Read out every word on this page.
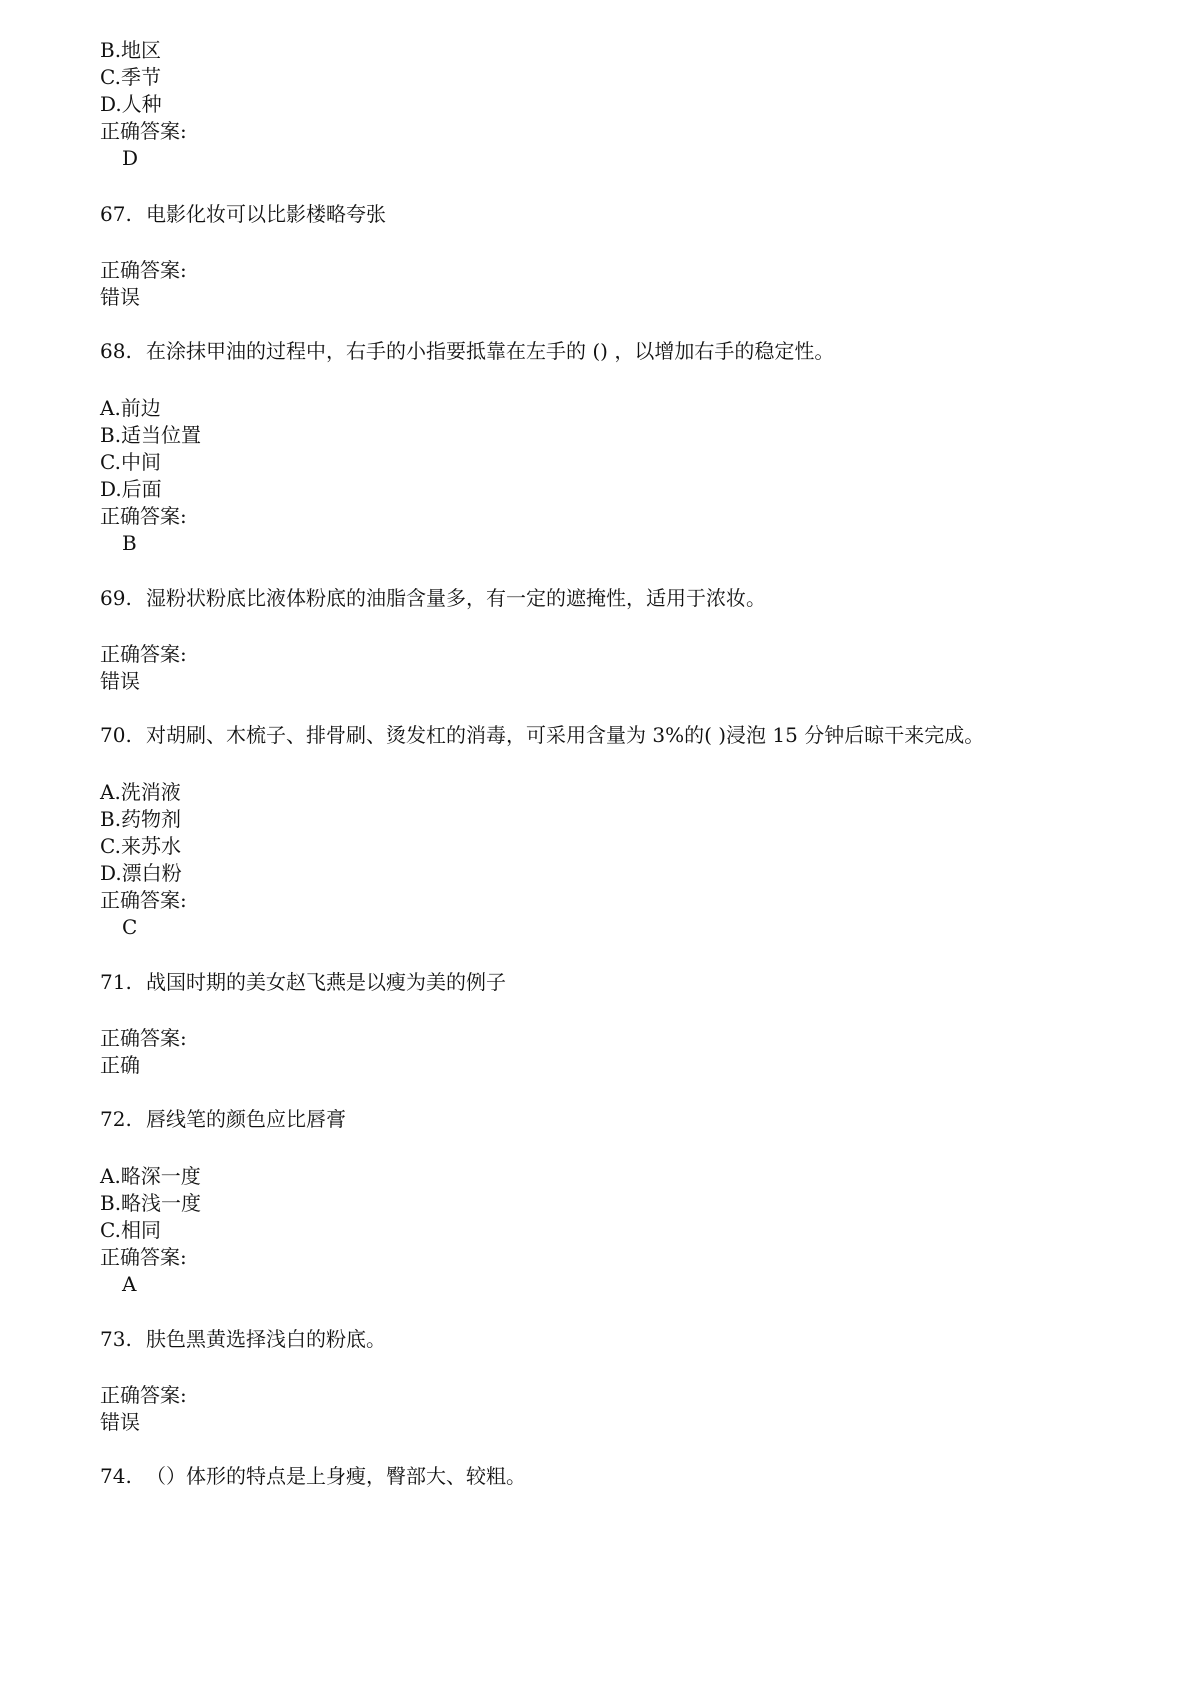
B.地区
C.季节
D.人种
正确答案:
D
67. 电影化妆可以比影楼略夸张
正确答案:
错误
68. 在涂抹甲油的过程中，右手的小指要抵靠在左手的 () ，以增加右手的稳定性。
A.前边
B.适当位置
C.中间
D.后面
正确答案:
B
69. 湿粉状粉底比液体粉底的油脂含量多，有一定的遮掩性，适用于浓妆。
正确答案:
错误
70. 对胡刷、木梳子、排骨刷、烫发杠的消毒，可采用含量为 3%的( )浸泡 15 分钟后晾干来完成。
A.洗消液
B.药物剂
C.来苏水
D.漂白粉
正确答案:
C
71. 战国时期的美女赵飞燕是以瘦为美的例子
正确答案:
正确
72. 唇线笔的颜色应比唇膏
A.略深一度
B.略浅一度
C.相同
正确答案:
A
73. 肤色黑黄选择浅白的粉底。
正确答案:
错误
74. （）体形的特点是上身瘦，臀部大、较粗。
